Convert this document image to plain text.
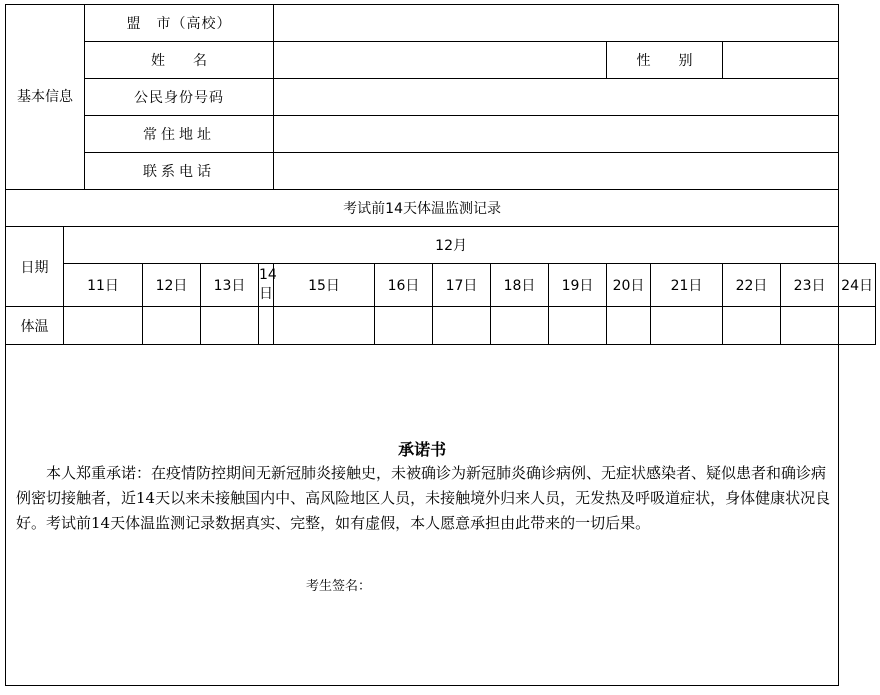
基本信息		盟　市（高校）													
		姓　　名									性　　别				
		公民身份号码													
		常住地址													
		联系电话													
考试前14天体温监测记录															
日期	12月														
	11日		12日	13日	14日	15日	16日	17日	18日	19日	20日	21日	22日	23日	24日
体温															

承诺书
本人郑重承诺：在疫情防控期间无新冠肺炎接触史，未被确诊为新冠肺炎确诊病例、无症状感染者、疑似患者和确诊病例密切接触者，近14天以来未接触国内中、高风险地区人员，未接触境外归来人员，无发热及呼吸道症状，身体健康状况良好。考试前14天体温监测记录数据真实、完整，如有虚假，本人愿意承担由此带来的一切后果。
考生签名：															
